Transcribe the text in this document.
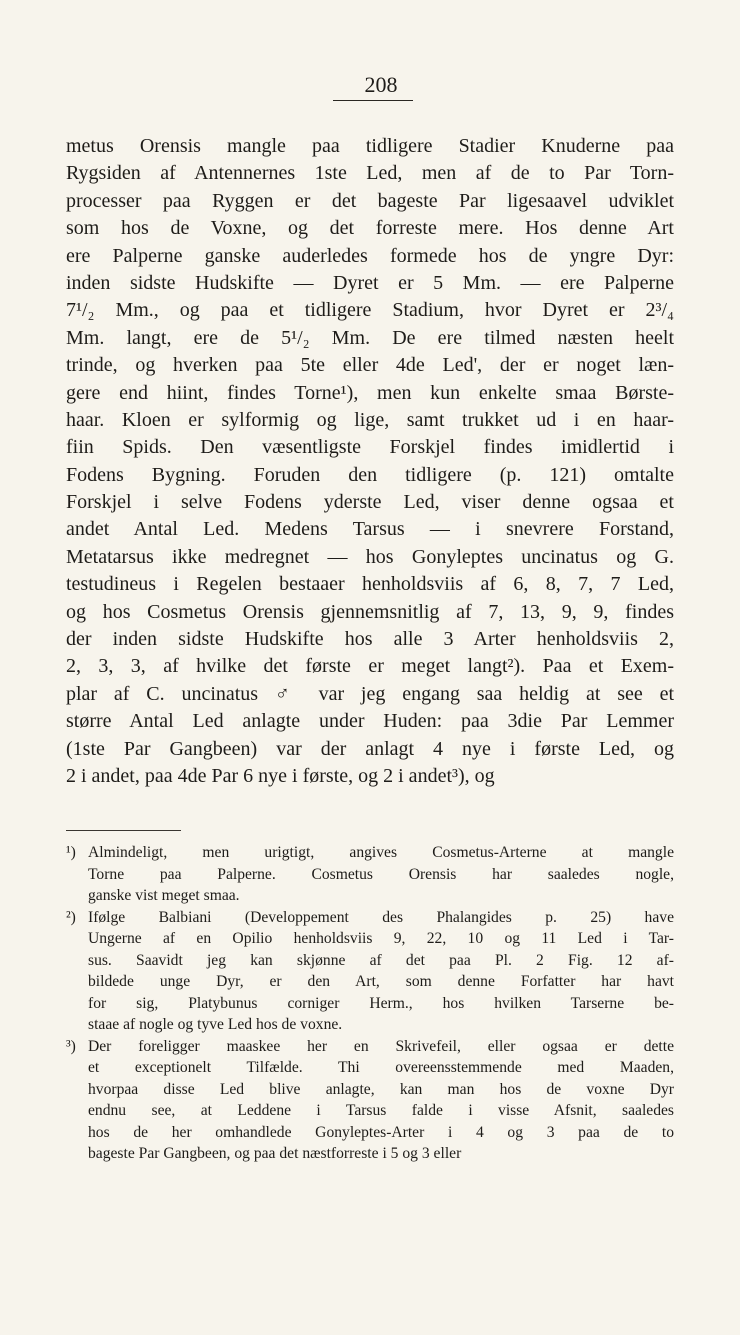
208
metus Orensis mangle paa tidligere Stadier Knuderne paa
Rygsiden af Antennernes 1ste Led, men af de to Par Torn-
processer paa Ryggen er det bageste Par ligesaavel udviklet
som hos de Voxne, og det forreste mere. Hos denne Art
ere Palperne ganske auderledes formede hos de yngre Dyr:
inden sidste Hudskifte — Dyret er 5 Mm. — ere Palperne
7¹/₂ Mm., og paa et tidligere Stadium, hvor Dyret er 2³/₄
Mm. langt, ere de 5¹/₂ Mm. De ere tilmed næsten heelt
trinde, og hverken paa 5te eller 4de Led', der er noget læn-
gere end hiint, findes Torne¹), men kun enkelte smaa Børste-
haar. Kloen er sylformig og lige, samt trukket ud i en haar-
fiin Spids. Den væsentligste Forskjel findes imidlertid i
Fodens Bygning. Foruden den tidligere (p. 121) omtalte
Forskjel i selve Fodens yderste Led, viser denne ogsaa et
andet Antal Led. Medens Tarsus — i snevrere Forstand,
Metatarsus ikke medregnet — hos Gonyleptes uncinatus og G.
testudineus i Regelen bestaaer henholdsviis af 6, 8, 7, 7 Led,
og hos Cosmetus Orensis gjennemsnitlig af 7, 13, 9, 9, findes
der inden sidste Hudskifte hos alle 3 Arter henholdsviis 2,
2, 3, 3, af hvilke det første er meget langt²). Paa et Exem-
plar af C. uncinatus ♂ var jeg engang saa heldig at see et
større Antal Led anlagte under Huden: paa 3die Par Lemmer
(1ste Par Gangbeen) var der anlagt 4 nye i første Led, og
2 i andet, paa 4de Par 6 nye i første, og 2 i andet³), og
¹) Almindeligt, men urigtigt, angives Cosmetus-Arterne at mangle
Torne paa Palperne. Cosmetus Orensis har saaledes nogle,
ganske vist meget smaa.
²) Ifølge Balbiani (Developpement des Phalangides p. 25) have
Ungerne af en Opilio henholdsviis 9, 22, 10 og 11 Led i Tar-
sus. Saavidt jeg kan skjønne af det paa Pl. 2 Fig. 12 af-
bildede unge Dyr, er den Art, som denne Forfatter har havt
for sig, Platybunus corniger Herm., hos hvilken Tarserne be-
staae af nogle og tyve Led hos de voxne.
³) Der foreligger maaskee her en Skrivefeil, eller ogsaa er dette
et exceptionelt Tilfælde. Thi overeensstemmende med Maaden,
hvorpaa disse Led blive anlagte, kan man hos de voxne Dyr
endnu see, at Leddene i Tarsus falde i visse Afsnit, saaledes
hos de her omhandlede Gonyleptes-Arter i 4 og 3 paa de to
bageste Par Gangbeen, og paa det næstforreste i 5 og 3 eller
